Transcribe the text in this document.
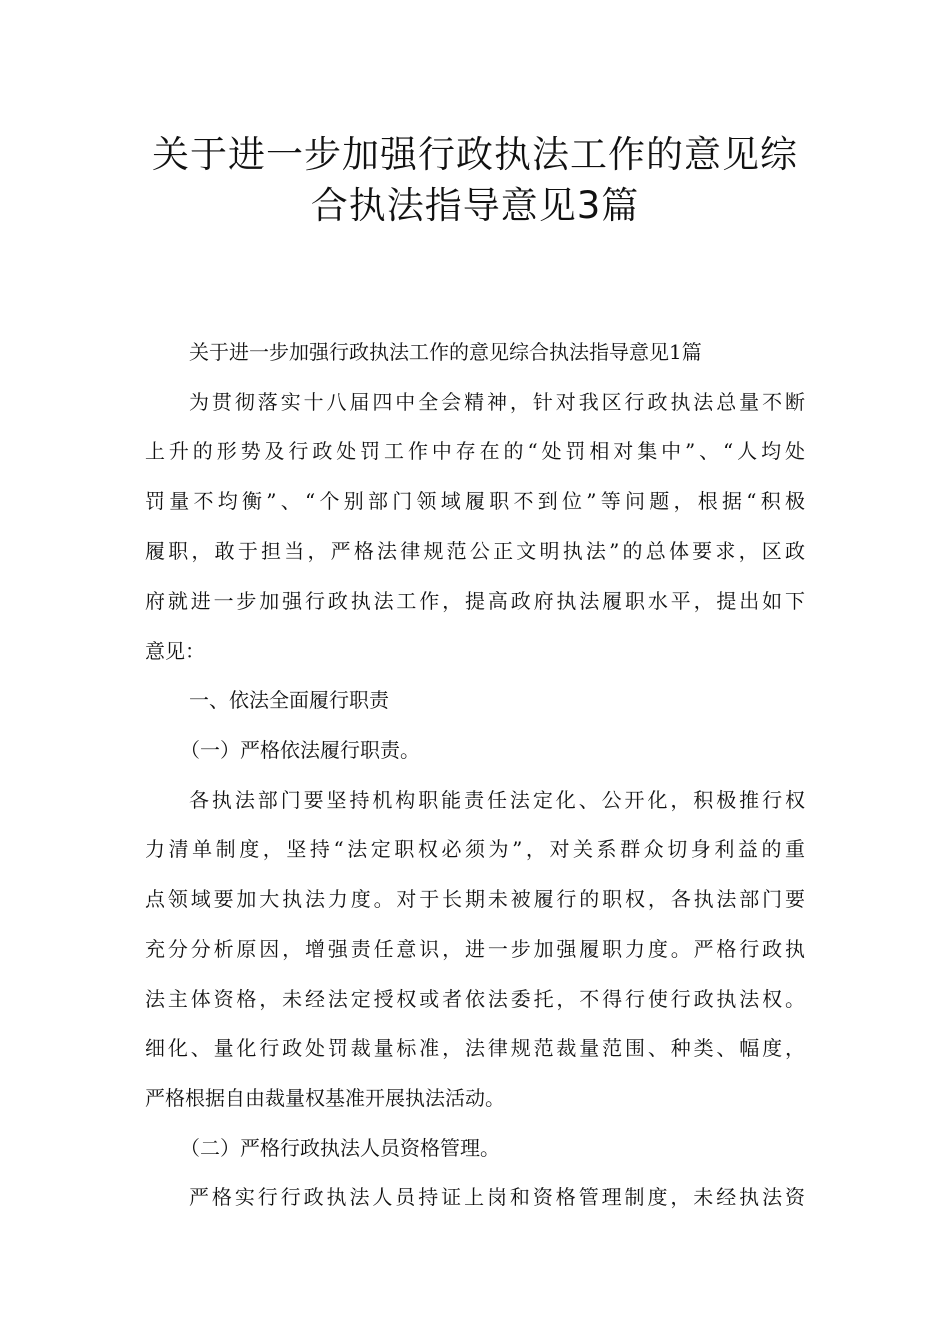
关于进一步加强行政执法工作的意见综
合执法指导意见3篇
关于进一步加强行政执法工作的意见综合执法指导意见1篇
为贯彻落实十八届四中全会精神，针对我区行政执法总量不断
上升的形势及行政处罚工作中存在的“处罚相对集中”、“人均处
罚量不均衡”、“个别部门领域履职不到位”等问题，根据“积极
履职，敢于担当，严格法律规范公正文明执法”的总体要求，区政
府就进一步加强行政执法工作，提高政府执法履职水平，提出如下
意见：
一、依法全面履行职责
（一）严格依法履行职责。
各执法部门要坚持机构职能责任法定化、公开化，积极推行权
力清单制度，坚持“法定职权必须为”，对关系群众切身利益的重
点领域要加大执法力度。对于长期未被履行的职权，各执法部门要
充分分析原因，增强责任意识，进一步加强履职力度。严格行政执
法主体资格，未经法定授权或者依法委托，不得行使行政执法权。
细化、量化行政处罚裁量标准，法律规范裁量范围、种类、幅度，
严格根据自由裁量权基准开展执法活动。
（二）严格行政执法人员资格管理。
严格实行行政执法人员持证上岗和资格管理制度，未经执法资
